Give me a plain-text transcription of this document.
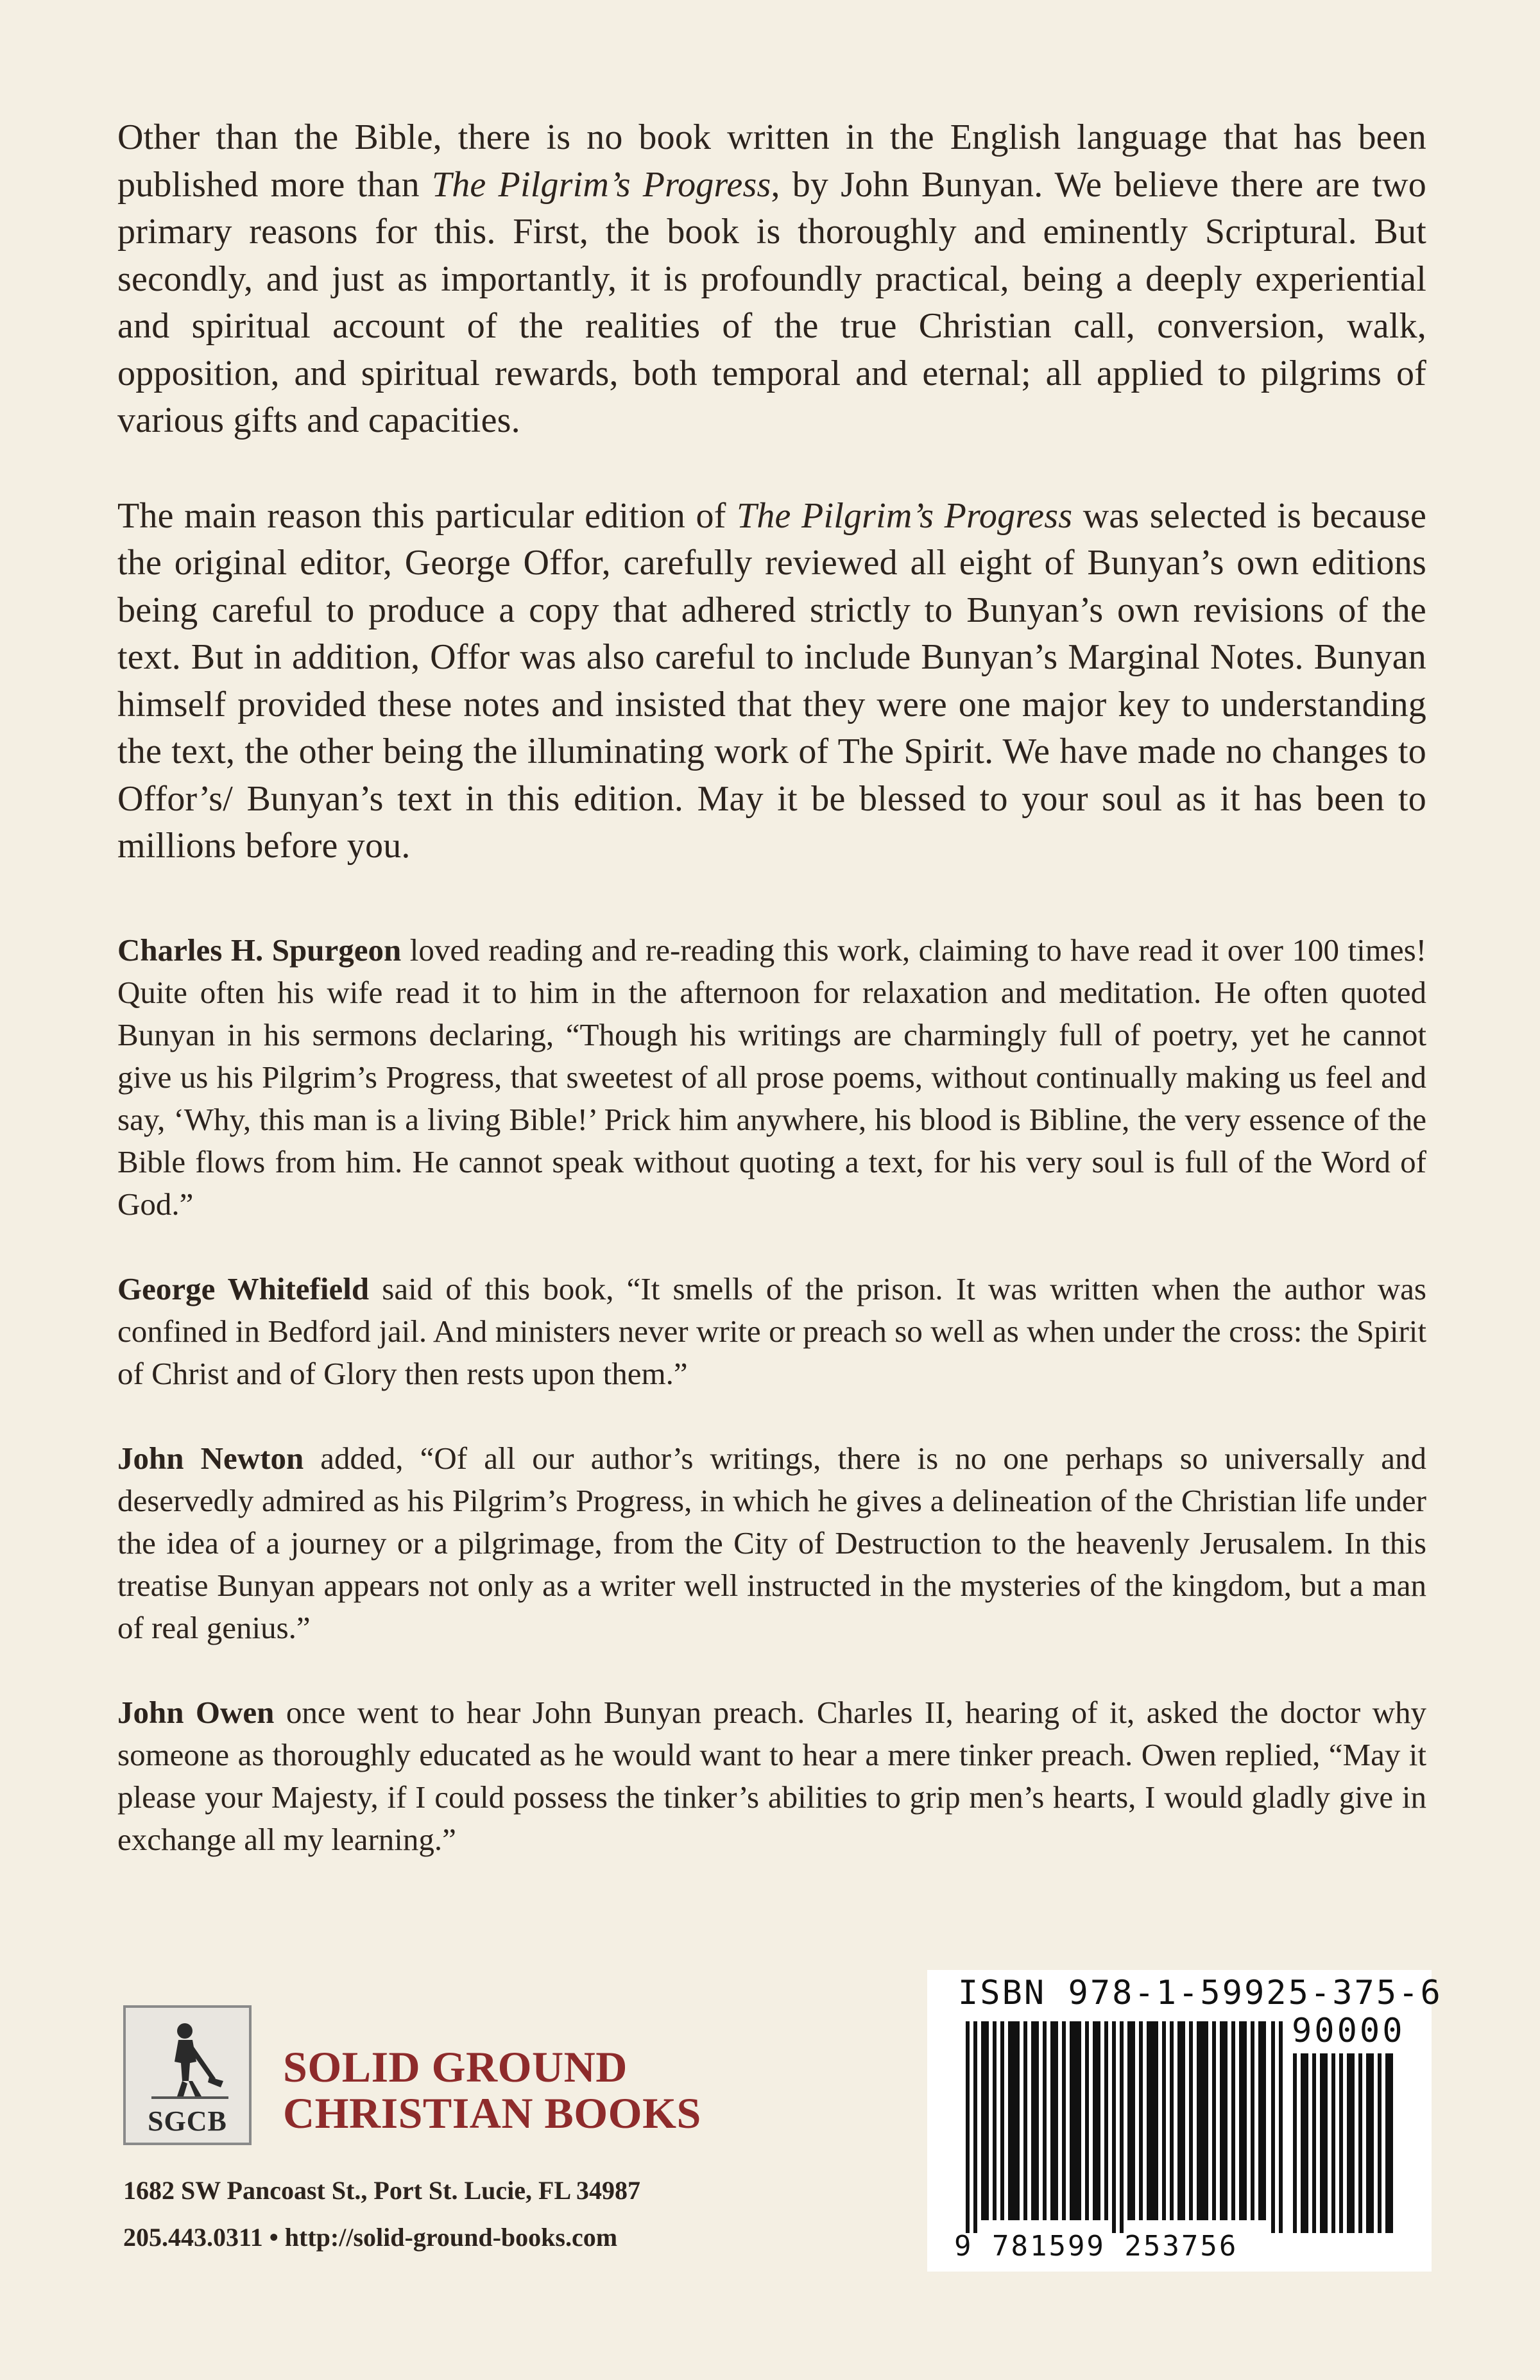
Other than the Bible, there is no book written in the English language that has been published more than The Pilgrim’s Progress, by John Bunyan. We believe there are two primary reasons for this. First, the book is thoroughly and eminently Scriptural. But secondly, and just as importantly, it is profoundly practical, being a deeply experiential and spiritual account of the realities of the true Christian call, conversion, walk, opposition, and spiritual rewards, both temporal and eternal; all applied to pilgrims of various gifts and capacities.

The main reason this particular edition of The Pilgrim’s Progress was selected is because the original editor, George Offor, carefully reviewed all eight of Bunyan’s own editions being careful to produce a copy that adhered strictly to Bunyan’s own revisions of the text. But in addition, Offor was also careful to include Bunyan’s Marginal Notes. Bunyan himself provided these notes and insisted that they were one major key to understanding the text, the other being the illuminating work of The Spirit. We have made no changes to Offor’s/ Bunyan’s text in this edition. May it be blessed to your soul as it has been to millions before you.

Charles H. Spurgeon loved reading and re-reading this work, claiming to have read it over 100 times! Quite often his wife read it to him in the afternoon for relaxation and meditation. He often quoted Bunyan in his sermons declaring, “Though his writings are charmingly full of poetry, yet he cannot give us his Pilgrim’s Progress, that sweetest of all prose poems, without continually making us feel and say, ‘Why, this man is a living Bible!’ Prick him anywhere, his blood is Bibline, the very essence of the Bible flows from him. He cannot speak without quoting a text, for his very soul is full of the Word of God.”

George Whitefield said of this book, “It smells of the prison. It was written when the author was confined in Bedford jail. And ministers never write or preach so well as when under the cross: the Spirit of Christ and of Glory then rests upon them.”

John Newton added, “Of all our author’s writings, there is no one perhaps so universally and deservedly admired as his Pilgrim’s Progress, in which he gives a delineation of the Christian life under the idea of a journey or a pilgrimage, from the City of Destruction to the heavenly Jerusalem. In this treatise Bunyan appears not only as a writer well instructed in the mysteries of the kingdom, but a man of real genius.”

John Owen once went to hear John Bunyan preach. Charles II, hearing of it, asked the doctor why someone as thoroughly educated as he would want to hear a mere tinker preach. Owen replied, “May it please your Majesty, if I could possess the tinker’s abilities to grip men’s hearts, I would gladly give in exchange all my learning.”

SGCB
SOLID GROUND
CHRISTIAN BOOKS
1682 SW Pancoast St., Port St. Lucie, FL 34987
205.443.0311 • http://solid-ground-books.com
ISBN 978-1-59925-375-6
9 781599 253756
90000
